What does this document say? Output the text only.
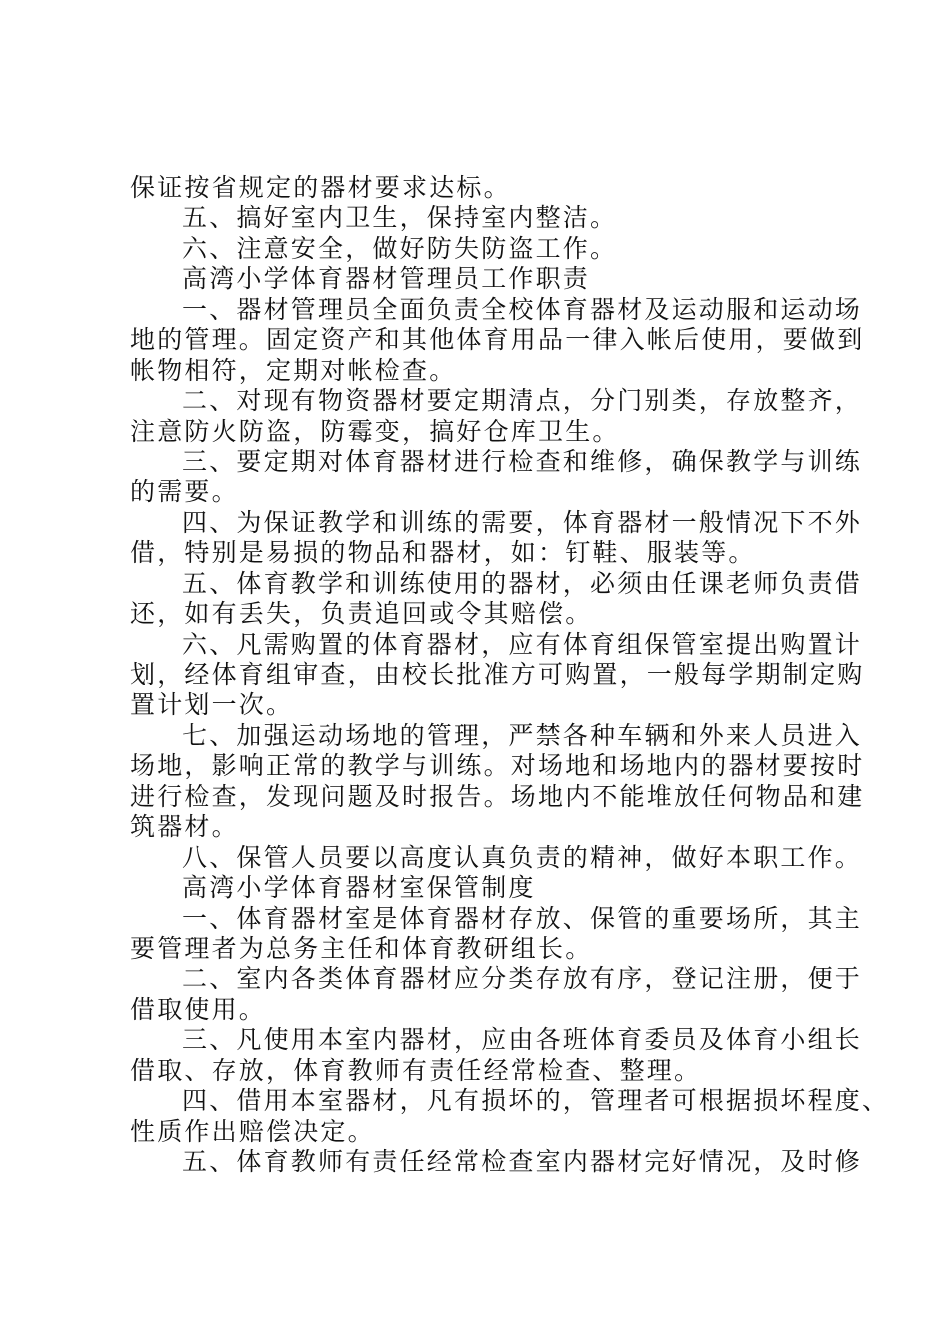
保证按省规定的器材要求达标。
五、搞好室内卫生，保持室内整洁。
六、注意安全，做好防失防盗工作。
高湾小学体育器材管理员工作职责
一、器材管理员全面负责全校体育器材及运动服和运动场
地的管理。固定资产和其他体育用品一律入帐后使用，要做到
帐物相符，定期对帐检查。
二、对现有物资器材要定期清点，分门别类，存放整齐，
注意防火防盗，防霉变，搞好仓库卫生。
三、要定期对体育器材进行检查和维修，确保教学与训练
的需要。
四、为保证教学和训练的需要，体育器材一般情况下不外
借，特别是易损的物品和器材，如：钉鞋、服装等。
五、体育教学和训练使用的器材，必须由任课老师负责借
还，如有丢失，负责追回或令其赔偿。
六、凡需购置的体育器材，应有体育组保管室提出购置计
划，经体育组审查，由校长批准方可购置，一般每学期制定购
置计划一次。
七、加强运动场地的管理，严禁各种车辆和外来人员进入
场地，影响正常的教学与训练。对场地和场地内的器材要按时
进行检查，发现问题及时报告。场地内不能堆放任何物品和建
筑器材。
八、保管人员要以高度认真负责的精神，做好本职工作。
高湾小学体育器材室保管制度
一、体育器材室是体育器材存放、保管的重要场所，其主
要管理者为总务主任和体育教研组长。
二、室内各类体育器材应分类存放有序，登记注册，便于
借取使用。
三、凡使用本室内器材，应由各班体育委员及体育小组长
借取、存放，体育教师有责任经常检查、整理。
四、借用本室器材，凡有损坏的，管理者可根据损坏程度、
性质作出赔偿决定。
五、体育教师有责任经常检查室内器材完好情况，及时修
